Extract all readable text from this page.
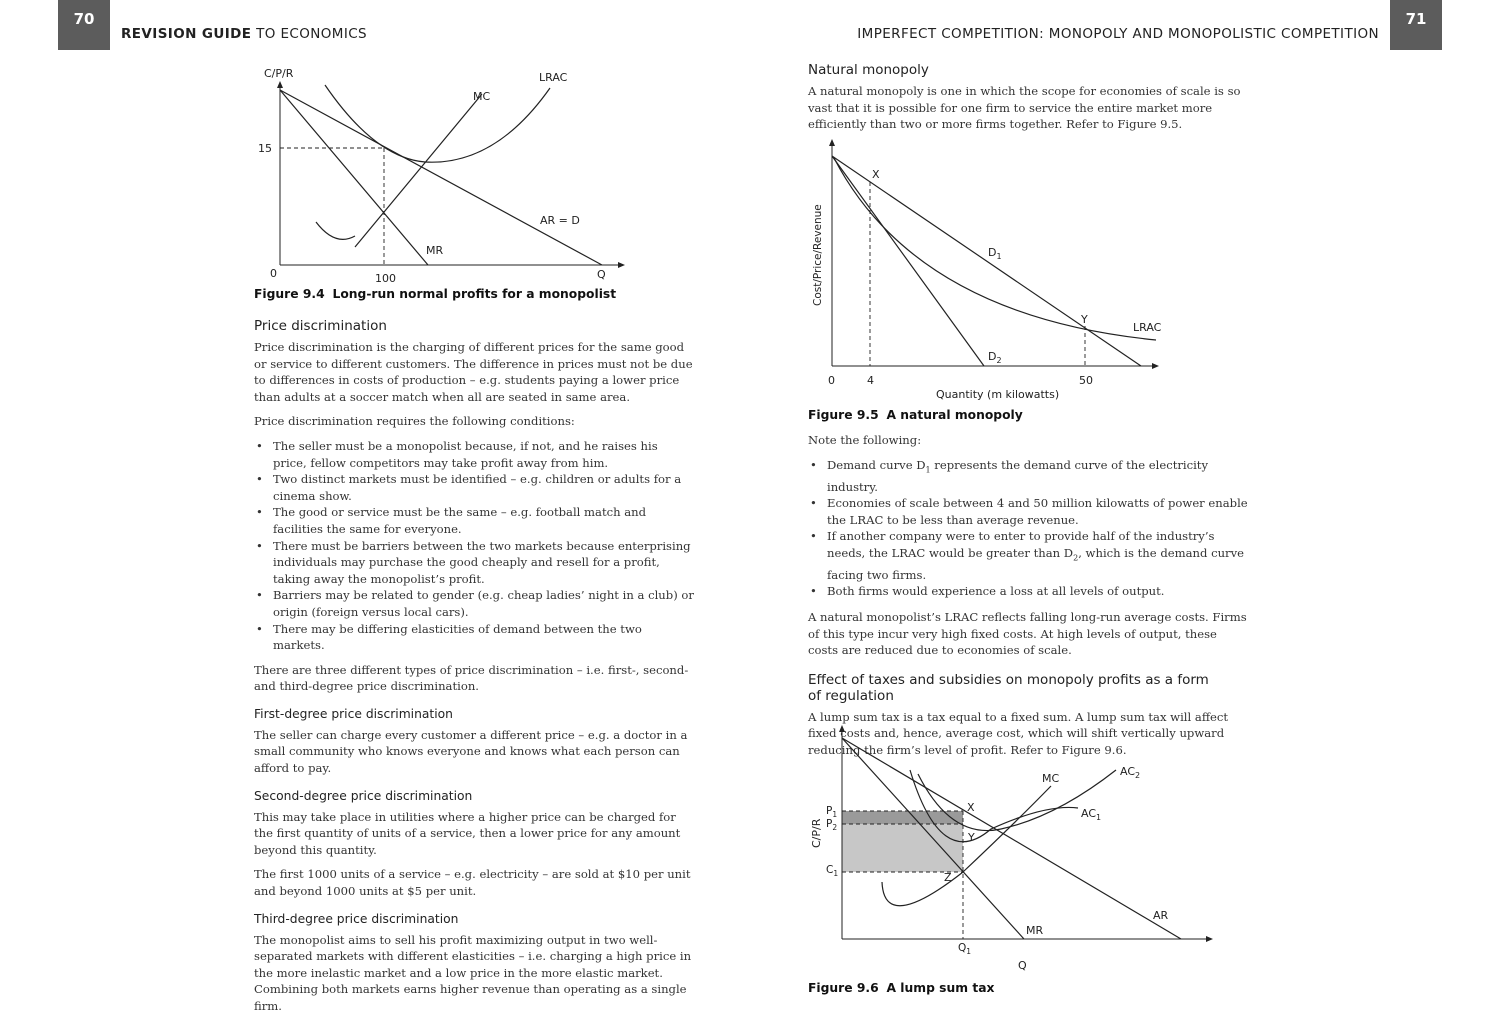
70
REVISION GUIDE TO ECONOMICS
C/P/R
0
15
100	Q
LRAC
MC
AR = D
MR
Figure 9.4 Long-run normal profits for a monopolist
Price discrimination

Price discrimination is the charging of different prices for the same good or service to different customers. The difference in prices must not be due to differences in costs of production – e.g. students paying a lower price than adults at a soccer match when all are seated in same area.

Price discrimination requires the following conditions:

• The seller must be a monopolist because, if not, and he raises his price, fellow competitors may take profit away from him.
• Two distinct markets must be identified – e.g. children or adults for a cinema show.
• The good or service must be the same – e.g. football match and facilities the same for everyone.
• There must be barriers between the two markets because enterprising individuals may purchase the good cheaply and resell for a profit, taking away the monopolist’s profit.
• Barriers may be related to gender (e.g. cheap ladies’ night in a club) or origin (foreign versus local cars).
• There may be differing elasticities of demand between the two markets.

There are three different types of price discrimination – i.e. first-, second- and third-degree price discrimination.

First-degree price discrimination

The seller can charge every customer a different price – e.g. a doctor in a small community who knows everyone and knows what each person can afford to pay.

Second-degree price discrimination

This may take place in utilities where a higher price can be charged for the first quantity of units of a service, then a lower price for any amount beyond this quantity.

The first 1000 units of a service – e.g. electricity – are sold at $10 per unit and beyond 1000 units at $5 per unit.

Third-degree price discrimination

The monopolist aims to sell his profit maximizing output in two well-separated markets with different elasticities – i.e. charging a high price in the more inelastic market and a low price in the more elastic market. Combining both markets earns higher revenue than operating as a single firm.

71
IMPERFECT COMPETITION: MONOPOLY AND MONOPOLISTIC COMPETITION
Natural monopoly

A natural monopoly is one in which the scope for economies of scale is so vast that it is possible for one firm to service the entire market more efficiently than two or more firms together. Refer to Figure 9.5.

Cost/Price/Revenue
0	4	50
Quantity (m kilowatts)
X
Y
$D_1$
$D_2$
LRAC
Figure 9.5 A natural monopoly

Note the following:

• Demand curve $D_1$ represents the demand curve of the electricity industry.
• Economies of scale between 4 and 50 million kilowatts of power enable the LRAC to be less than average revenue.
• If another company were to enter to provide half of the industry’s needs, the LRAC would be greater than $D_2$, which is the demand curve facing two firms.
• Both firms would experience a loss at all levels of output.

A natural monopolist’s LRAC reflects falling long-run average costs. Firms of this type incur very high fixed costs. At high levels of output, these costs are reduced due to economies of scale.

Effect of taxes and subsidies on monopoly profits as a form
of regulation

A lump sum tax is a tax equal to a fixed sum. A lump sum tax will affect fixed costs and, hence, average cost, which will shift vertically upward reducing the firm’s level of profit. Refer to Figure 9.6.

C/P/R
$P_1$
$P_2$
$C_1$
$Q_1$
Q
X
Y
Z
MC
$AC_2$
$AC_1$
AR
MR
Figure 9.6 A lump sum tax
